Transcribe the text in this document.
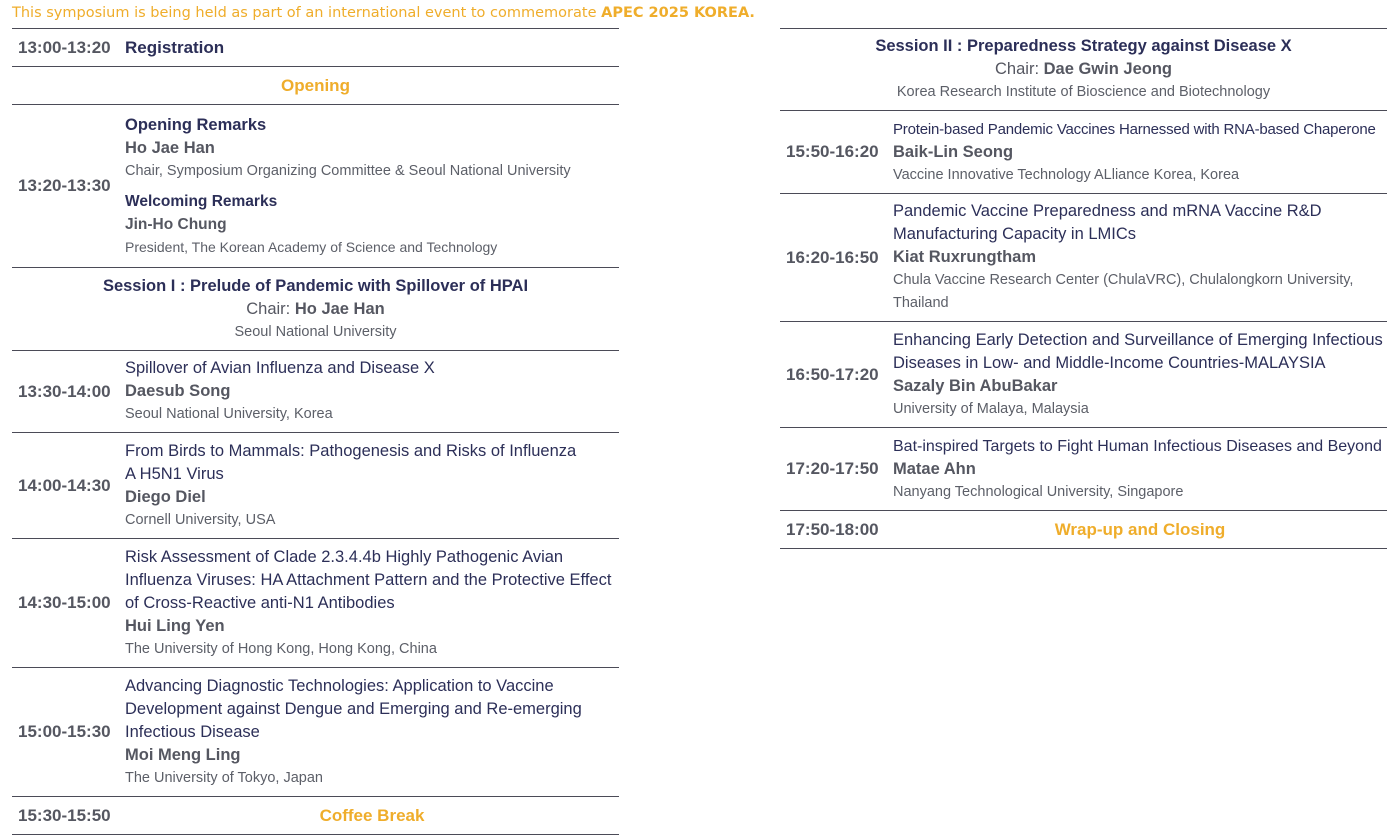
This symposium is being held as part of an international event to commemorate APEC 2025 KOREA.
13:00-13:20 Registration
Opening
13:20-13:30
Opening Remarks
Ho Jae Han
Chair, Symposium Organizing Committee & Seoul National University
Welcoming Remarks
Jin-Ho Chung
President, The Korean Academy of Science and Technology
Session I : Prelude of Pandemic with Spillover of HPAI
Chair: Ho Jae Han
Seoul National University
13:30-14:00
Spillover of Avian Influenza and Disease X
Daesub Song
Seoul National University, Korea
14:00-14:30
From Birds to Mammals: Pathogenesis and Risks of Influenza A H5N1 Virus
Diego Diel
Cornell University, USA
14:30-15:00
Risk Assessment of Clade 2.3.4.4b Highly Pathogenic Avian Influenza Viruses: HA Attachment Pattern and the Protective Effect of Cross-Reactive anti-N1 Antibodies
Hui Ling Yen
The University of Hong Kong, Hong Kong, China
15:00-15:30
Advancing Diagnostic Technologies: Application to Vaccine Development against Dengue and Emerging and Re-emerging Infectious Disease
Moi Meng Ling
The University of Tokyo, Japan
15:30-15:50	Coffee Break
Session II : Preparedness Strategy against Disease X
Chair: Dae Gwin Jeong
Korea Research Institute of Bioscience and Biotechnology
15:50-16:20
Protein-based Pandemic Vaccines Harnessed with RNA-based Chaperone
Baik-Lin Seong
Vaccine Innovative Technology ALliance Korea, Korea
16:20-16:50
Pandemic Vaccine Preparedness and mRNA Vaccine R&D Manufacturing Capacity in LMICs
Kiat Ruxrungtham
Chula Vaccine Research Center (ChulaVRC), Chulalongkorn University, Thailand
16:50-17:20
Enhancing Early Detection and Surveillance of Emerging Infectious Diseases in Low- and Middle-Income Countries-MALAYSIA
Sazaly Bin AbuBakar
University of Malaya, Malaysia
17:20-17:50
Bat-inspired Targets to Fight Human Infectious Diseases and Beyond
Matae Ahn
Nanyang Technological University, Singapore
17:50-18:00	Wrap-up and Closing
